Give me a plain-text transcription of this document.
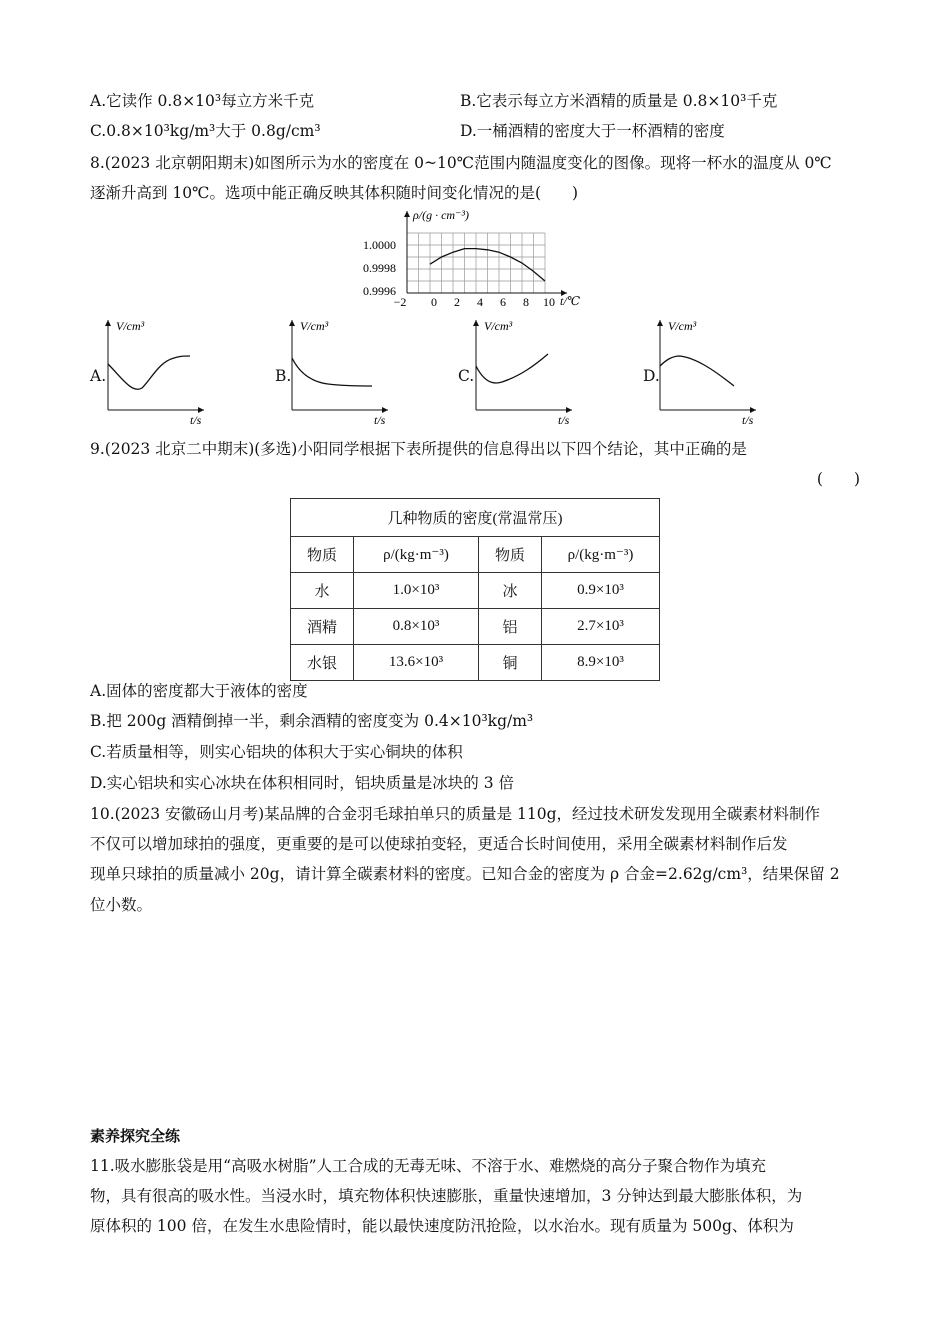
A.它读作 0.8×10³每立方米千克	B.它表示每立方米酒精的质量是 0.8×10³千克
C.0.8×10³kg/m³大于 0.8g/cm³	D.一桶酒精的密度大于一杯酒精的密度
8.(2023 北京朝阳期末)如图所示为水的密度在 0~10℃范围内随温度变化的图像。现将一杯水的温度从 0℃
逐渐升高到 10℃。选项中能正确反映其体积随时间变化情况的是(　　)
ρ/(g · cm⁻³)
t/℃
1.0000
0.9998
0.9996
−2 0 2 4 6 8 10
A.
V/cm³
t/s
B.
V/cm³
t/s
C.
V/cm³
t/s
D.
V/cm³
t/s
9.(2023 北京二中期末)(多选)小阳同学根据下表所提供的信息得出以下四个结论，其中正确的是
(　　)
几种物质的密度(常温常压)			
物质	ρ/(kg·m⁻³)	物质	ρ/(kg·m⁻³)
水	1.0×10³	冰	0.9×10³
酒精	0.8×10³	铝	2.7×10³
水银	13.6×10³	铜	8.9×10³
A.固体的密度都大于液体的密度
B.把 200g 酒精倒掉一半，剩余酒精的密度变为 0.4×10³kg/m³
C.若质量相等，则实心铝块的体积大于实心铜块的体积
D.实心铝块和实心冰块在体积相同时，铝块质量是冰块的 3 倍
10.(2023 安徽砀山月考)某品牌的合金羽毛球拍单只的质量是 110g，经过技术研发发现用全碳素材料制作
不仅可以增加球拍的强度，更重要的是可以使球拍变轻，更适合长时间使用，采用全碳素材料制作后发
现单只球拍的质量减小 20g，请计算全碳素材料的密度。已知合金的密度为 ρ 合金=2.62g/cm³，结果保留 2
位小数。
素养探究全练
11.吸水膨胀袋是用“高吸水树脂”人工合成的无毒无味、不溶于水、难燃烧的高分子聚合物作为填充
物，具有很高的吸水性。当浸水时，填充物体积快速膨胀，重量快速增加，3 分钟达到最大膨胀体积，为
原体积的 100 倍，在发生水患险情时，能以最快速度防汛抢险，以水治水。现有质量为 500g、体积为
